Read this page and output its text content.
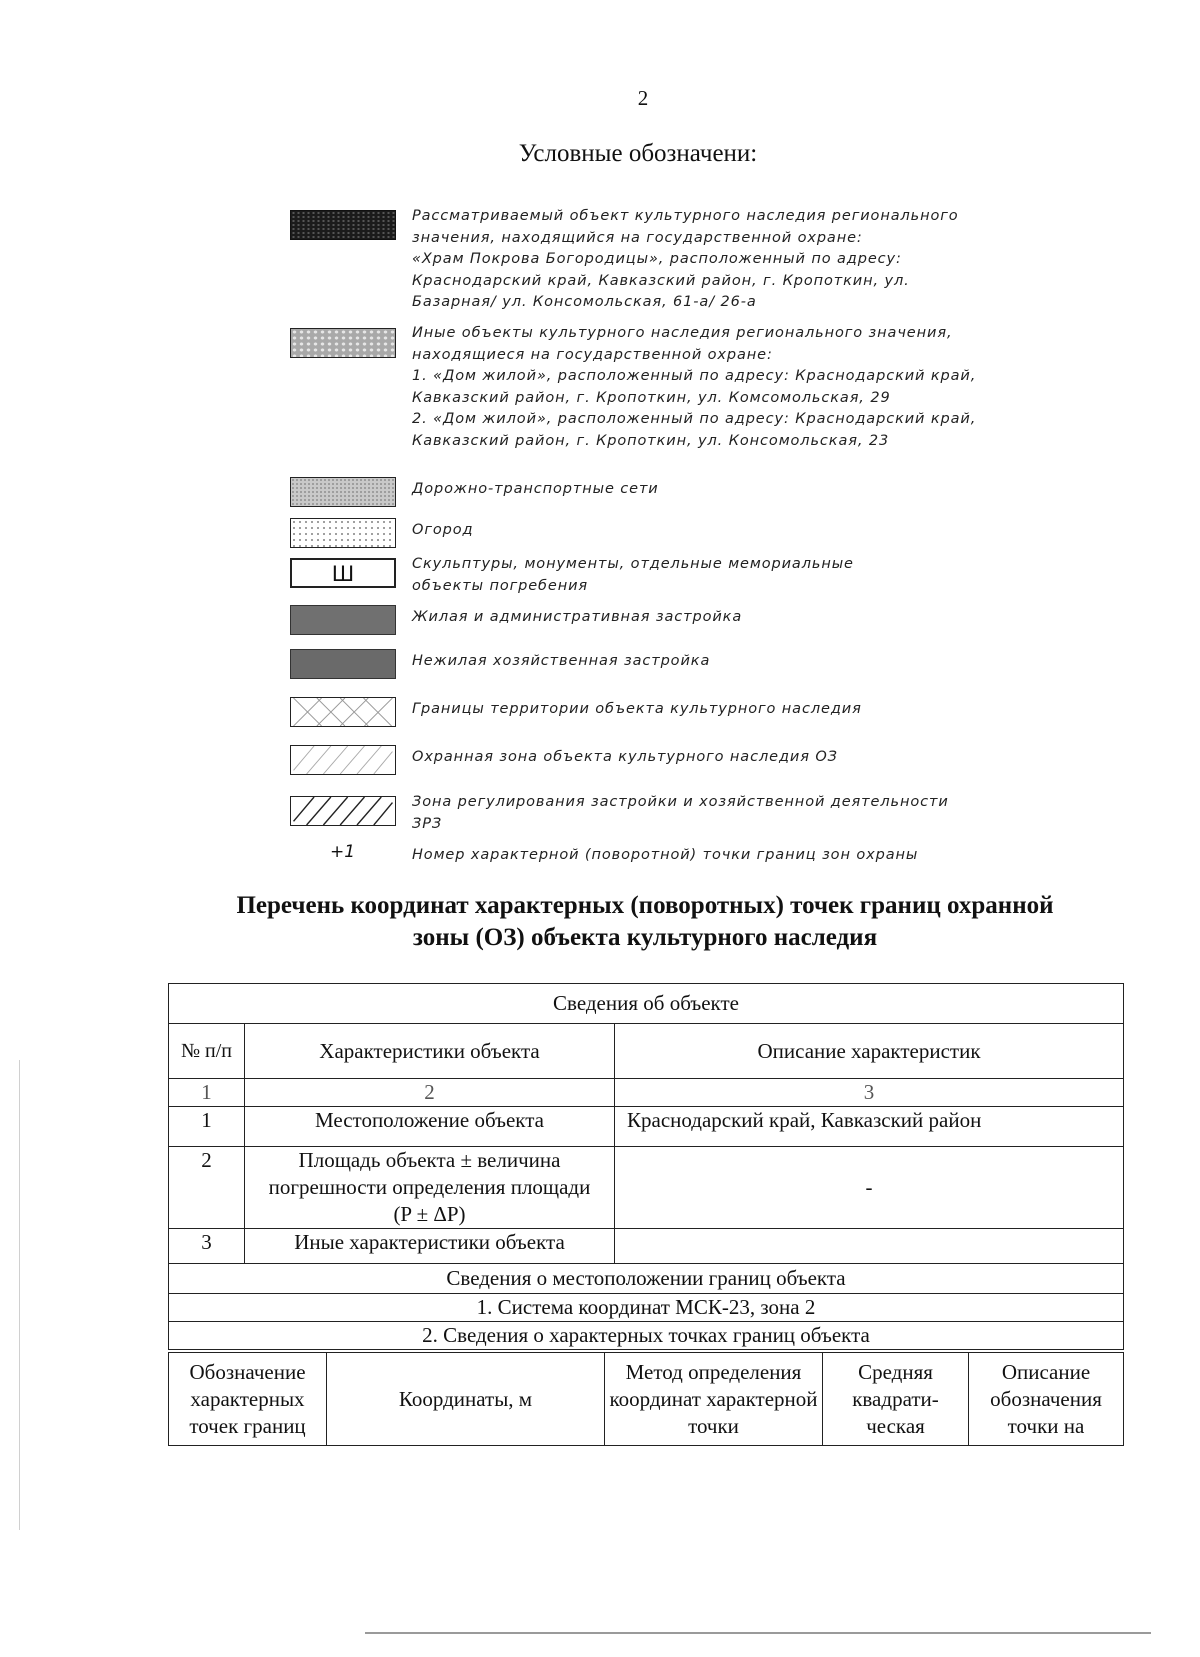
2
Условные обозначени:
Рассматриваемый объект культурного наследия регионального
значения, находящийся на государственной охране:
«Храм Покрова Богородицы», расположенный по адресу:
Краснодарский край, Кавказский район, г. Кропоткин, ул.
Базарная/ ул. Консомольская, 61-а/ 26-а
Иные объекты культурного наследия регионального значения,
находящиеся на государственной охране:
1. «Дом жилой», расположенный по адресу: Краснодарский край,
Кавказский район, г. Кропоткин, ул. Комсомольская, 29
2. «Дом жилой», расположенный по адресу: Краснодарский край,
Кавказский район, г. Кропоткин, ул. Консомольская, 23
Дорожно-транспортные сети
Огород
Ш	Скульптуры, монументы, отдельные мемориальные
объекты погребения
Жилая и административная застройка
Нежилая хозяйственная застройка
Границы территории объекта культурного наследия
Охранная зона объекта культурного наследия ОЗ
Зона регулирования застройки и хозяйственной деятельности
ЗРЗ
+1	Номер характерной (поворотной) точки границ зон охраны
Перечень координат характерных (поворотных) точек границ охранной
зоны (ОЗ) объекта культурного наследия
Сведения об объекте		
№ п/п	Характеристики объекта	Описание характеристик
1	2	3
1	Местоположение объекта	Краснодарский край, Кавказский район
2	Площадь объекта ± величина погрешности определения площади (P ± ΔР)	-
3	Иные характеристики объекта	
Сведения о местоположении границ объекта		
1. Система координат МСК-23, зона 2		
2. Сведения о характерных точках границ объекта		
Обозначение характерных точек границ	Координаты, м	Метод определения координат характерной точки	Средняя квадрати-ческая	Описание обозначения точки на
